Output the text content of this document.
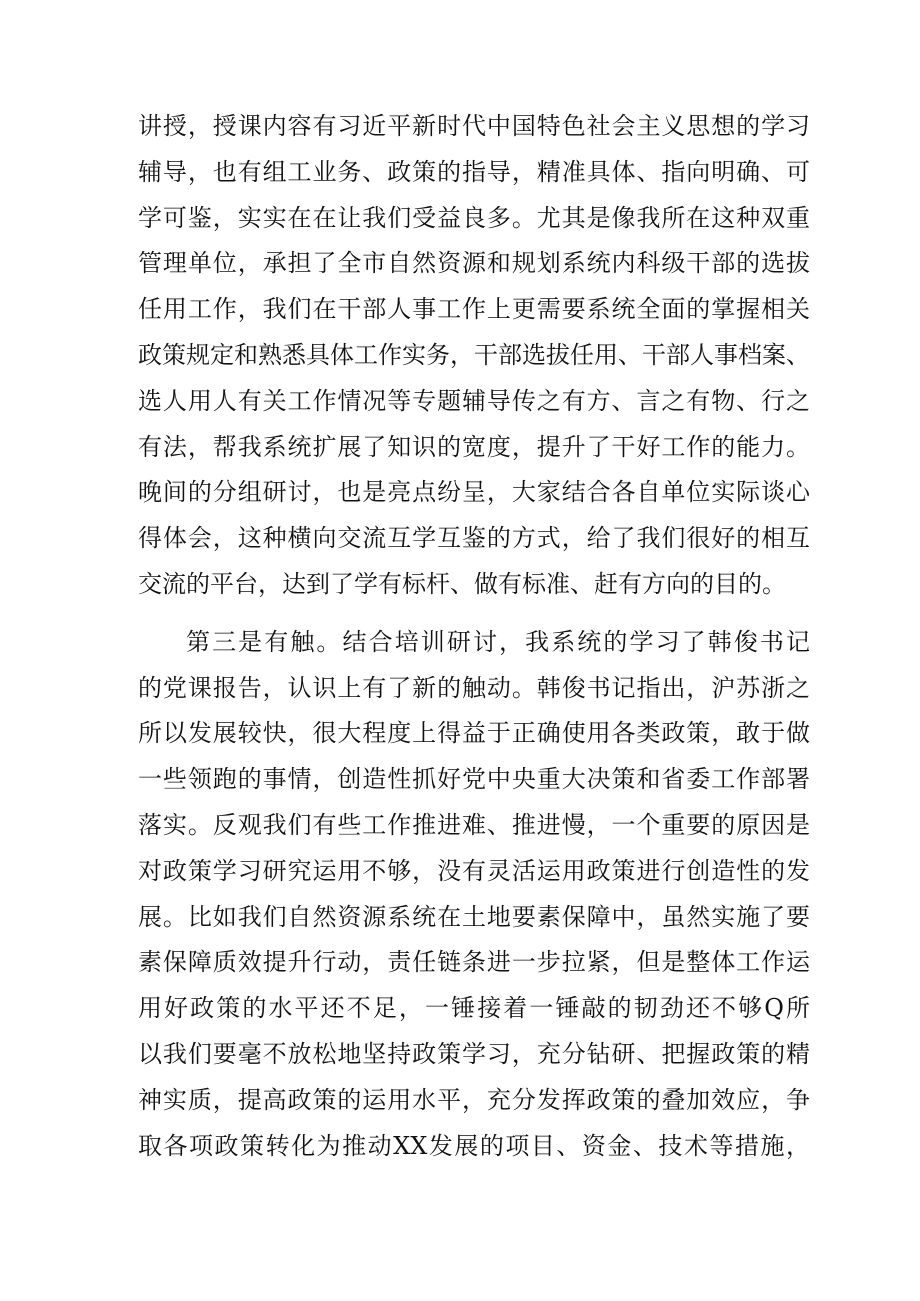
讲授，授课内容有习近平新时代中国特色社会主义思想的学习
辅导，也有组工业务、政策的指导，精准具体、指向明确、可
学可鉴，实实在在让我们受益良多。尤其是像我所在这种双重
管理单位，承担了全市自然资源和规划系统内科级干部的选拔
任用工作，我们在干部人事工作上更需要系统全面的掌握相关
政策规定和熟悉具体工作实务，干部选拔任用、干部人事档案、
选人用人有关工作情况等专题辅导传之有方、言之有物、行之
有法，帮我系统扩展了知识的宽度，提升了干好工作的能力。
晚间的分组研讨，也是亮点纷呈，大家结合各自单位实际谈心
得体会，这种横向交流互学互鉴的方式，给了我们很好的相互
交流的平台，达到了学有标杆、做有标准、赶有方向的目的。
第三是有触。结合培训研讨，我系统的学习了韩俊书记
的党课报告，认识上有了新的触动。韩俊书记指出，沪苏浙之
所以发展较快，很大程度上得益于正确使用各类政策，敢于做
一些领跑的事情，创造性抓好党中央重大决策和省委工作部署
落实。反观我们有些工作推进难、推进慢，一个重要的原因是
对政策学习研究运用不够，没有灵活运用政策进行创造性的发
展。比如我们自然资源系统在土地要素保障中，虽然实施了要
素保障质效提升行动，责任链条进一步拉紧，但是整体工作运
用好政策的水平还不足，一锤接着一锤敲的韧劲还不够Q所
以我们要毫不放松地坚持政策学习，充分钻研、把握政策的精
神实质，提高政策的运用水平，充分发挥政策的叠加效应，争
取各项政策转化为推动XX发展的项目、资金、技术等措施，
